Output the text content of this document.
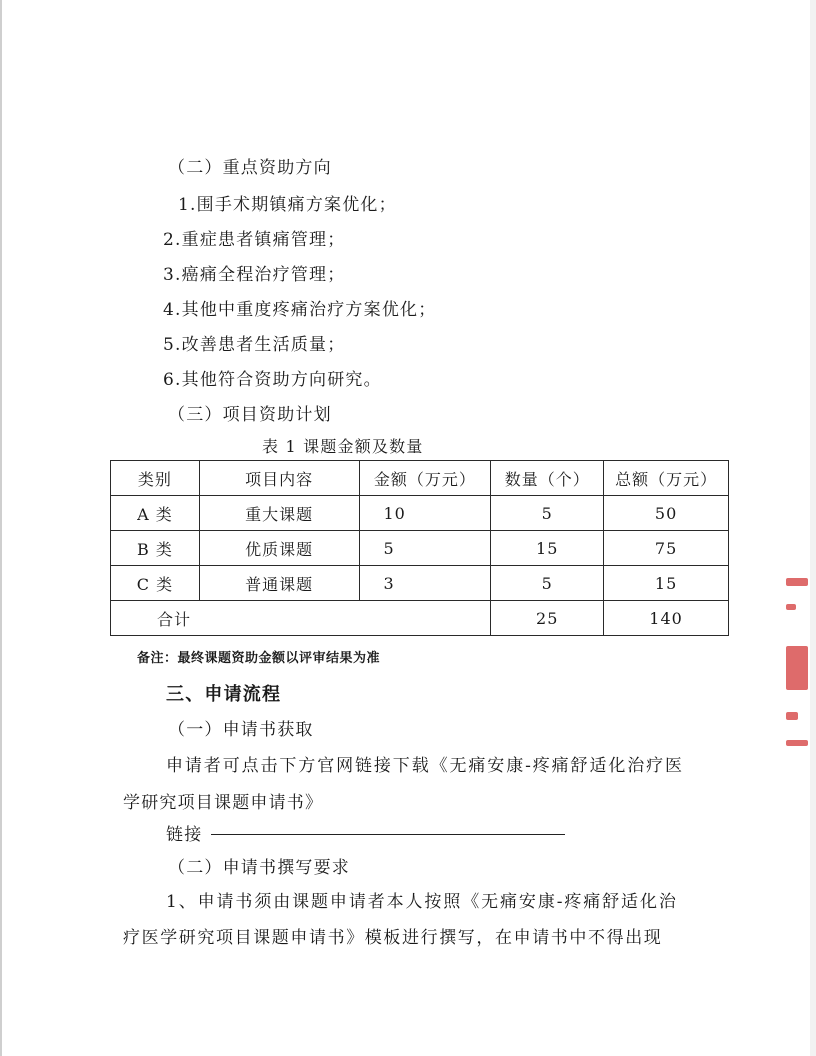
（二）重点资助方向
1.围手术期镇痛方案优化；
2.重症患者镇痛管理；
3.癌痛全程治疗管理；
4.其他中重度疼痛治疗方案优化；
5.改善患者生活质量；
6.其他符合资助方向研究。
（三）项目资助计划
表 1 课题金额及数量
类别	项目内容	金额（万元）	数量（个）	总额（万元）
A 类	重大课题	10	5	50
B 类	优质课题	5	15	75
C 类	普通课题	3	5	15
合计			25	140
备注：最终课题资助金额以评审结果为准
三、申请流程
（一）申请书获取
申请者可点击下方官网链接下载《无痛安康-疼痛舒适化治疗医
学研究项目课题申请书》
链接
（二）申请书撰写要求
1、申请书须由课题申请者本人按照《无痛安康-疼痛舒适化治
疗医学研究项目课题申请书》模板进行撰写，在申请书中不得出现
